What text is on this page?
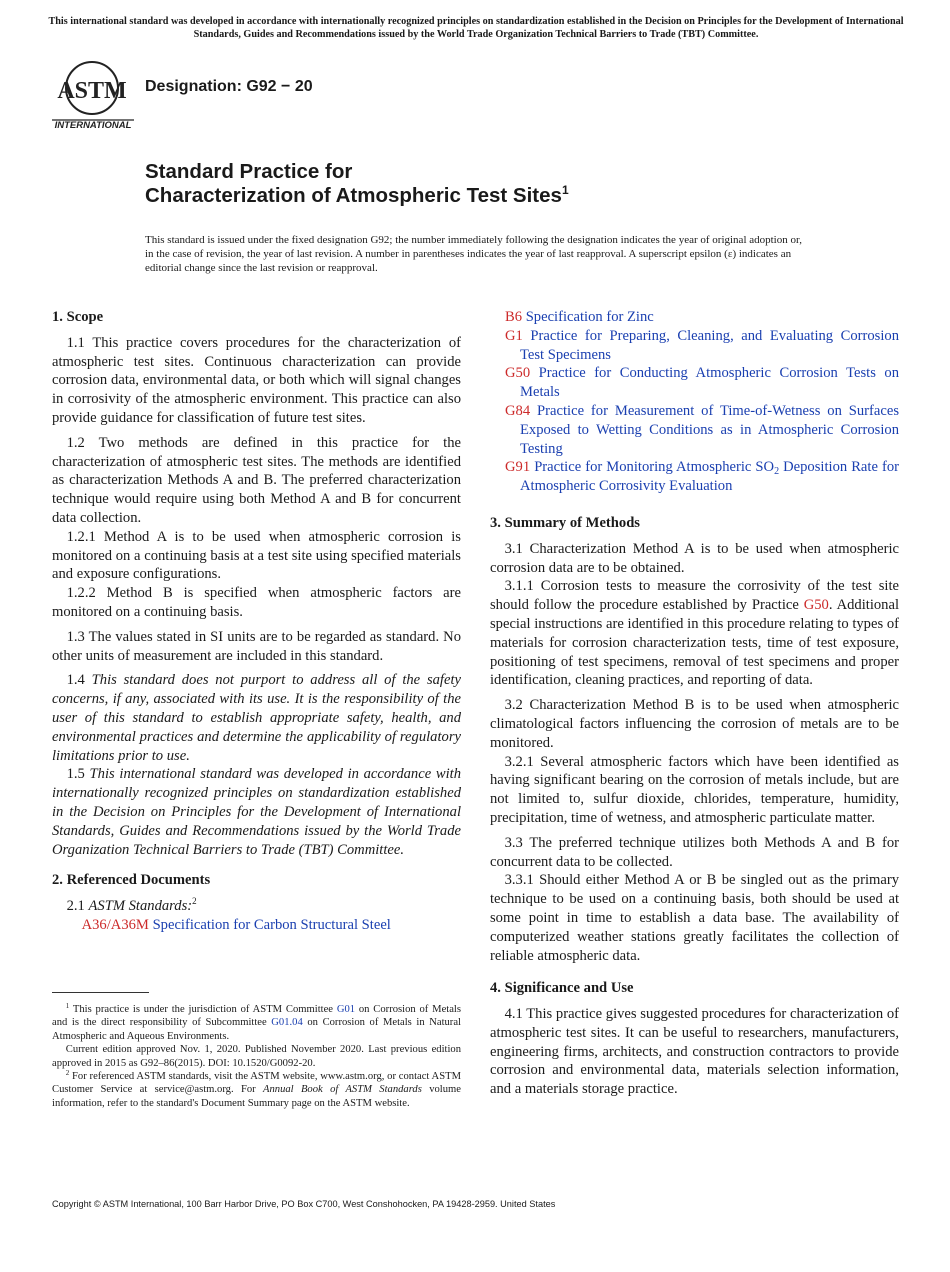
This international standard was developed in accordance with internationally recognized principles on standardization established in the Decision on Principles for the Development of International Standards, Guides and Recommendations issued by the World Trade Organization Technical Barriers to Trade (TBT) Committee.
ASTM
INTERNATIONAL
Designation: G92 − 20
Standard Practice for
Characterization of Atmospheric Test Sites$^1$
This standard is issued under the fixed designation G92; the number immediately following the designation indicates the year of original adoption or, in the case of revision, the year of last revision. A number in parentheses indicates the year of last reapproval. A superscript epsilon (ε) indicates an editorial change since the last revision or reapproval.
1. Scope

1.1 This practice covers procedures for the characterization of atmospheric test sites. Continuous characterization can provide corrosion data, environmental data, or both which will signal changes in corrosivity of the atmospheric environment. This practice can also provide guidance for classification of future test sites.

1.2 Two methods are defined in this practice for the characterization of atmospheric test sites. The methods are identified as characterization Methods A and B. The preferred characterization technique would require using both Method A and B for concurrent data collection.

1.2.1 Method A is to be used when atmospheric corrosion is monitored on a continuing basis at a test site using specified materials and exposure configurations.

1.2.2 Method B is specified when atmospheric factors are monitored on a continuing basis.

1.3 The values stated in SI units are to be regarded as standard. No other units of measurement are included in this standard.

1.4 This standard does not purport to address all of the safety concerns, if any, associated with its use. It is the responsibility of the user of this standard to establish appropriate safety, health, and environmental practices and determine the applicability of regulatory limitations prior to use.

1.5 This international standard was developed in accordance with internationally recognized principles on standardization established in the Decision on Principles for the Development of International Standards, Guides and Recommendations issued by the World Trade Organization Technical Barriers to Trade (TBT) Committee.

2. Referenced Documents

2.1 ASTM Standards:$^2$

A36/A36M Specification for Carbon Structural Steel

$^1$ This practice is under the jurisdiction of ASTM Committee G01 on Corrosion of Metals and is the direct responsibility of Subcommittee G01.04 on Corrosion of Metals in Natural Atmospheric and Aqueous Environments.

Current edition approved Nov. 1, 2020. Published November 2020. Last previous edition approved in 2015 as G92–86(2015). DOI: 10.1520/G0092-20.

$^2$ For referenced ASTM standards, visit the ASTM website, www.astm.org, or contact ASTM Customer Service at service@astm.org. For Annual Book of ASTM Standards volume information, refer to the standard's Document Summary page on the ASTM website.

B6 Specification for Zinc

G1 Practice for Preparing, Cleaning, and Evaluating Corrosion Test Specimens

G50 Practice for Conducting Atmospheric Corrosion Tests on Metals

G84 Practice for Measurement of Time-of-Wetness on Surfaces Exposed to Wetting Conditions as in Atmospheric Corrosion Testing

G91 Practice for Monitoring Atmospheric $SO_2$ Deposition Rate for Atmospheric Corrosivity Evaluation

3. Summary of Methods

3.1 Characterization Method A is to be used when atmospheric corrosion data are to be obtained.

3.1.1 Corrosion tests to measure the corrosivity of the test site should follow the procedure established by Practice G50. Additional special instructions are identified in this procedure relating to types of materials for corrosion characterization tests, time of test exposure, positioning of test specimens, removal of test specimens and proper identification, cleaning practices, and reporting of data.

3.2 Characterization Method B is to be used when atmospheric climatological factors influencing the corrosion of metals are to be monitored.

3.2.1 Several atmospheric factors which have been identified as having significant bearing on the corrosion of metals include, but are not limited to, sulfur dioxide, chlorides, temperature, humidity, precipitation, time of wetness, and atmospheric particulate matter.

3.3 The preferred technique utilizes both Methods A and B for concurrent data to be collected.

3.3.1 Should either Method A or B be singled out as the primary technique to be used on a continuing basis, both should be used at some point in time to establish a data base. The availability of computerized weather stations greatly facilitates the collection of reliable atmospheric data.

4. Significance and Use

4.1 This practice gives suggested procedures for characterization of atmospheric test sites. It can be useful to researchers, manufacturers, engineering firms, architects, and construction contractors to provide corrosion and environmental data, materials selection information, and a materials storage practice.

Copyright © ASTM International, 100 Barr Harbor Drive, PO Box C700, West Conshohocken, PA 19428-2959. United States
